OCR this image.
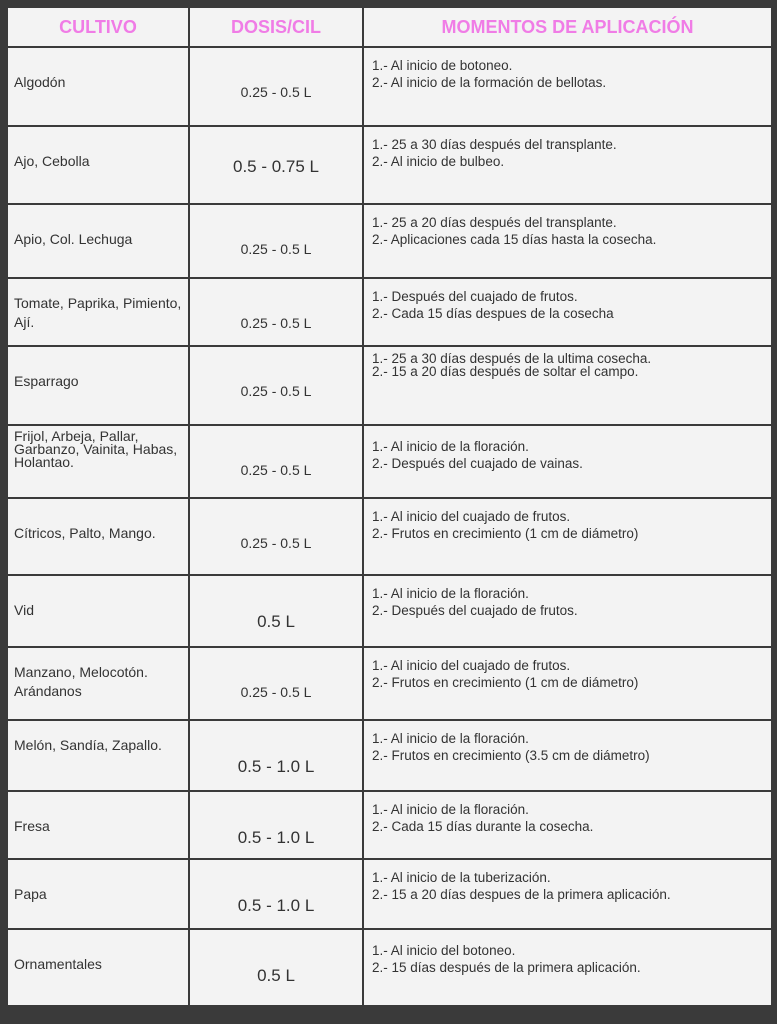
CULTIVO	DOSIS/CIL	MOMENTOS DE APLICACIÓN

Algodón	0.25 - 0.5 L	1.- Al inicio de botoneo.
2.- Al inicio de la formación de bellotas.

Ajo, Cebolla	0.5 - 0.75 L	1.- 25 a 30 días después del transplante.
2.- Al inicio de bulbeo.

Apio, Col. Lechuga	0.25 - 0.5 L	1.- 25 a 20 días después del transplante.
2.- Aplicaciones cada 15 días hasta la cosecha.

Tomate, Paprika, Pimiento, Ají.	0.25 - 0.5 L	1.- Después del cuajado de frutos.
2.- Cada 15 días despues de la cosecha

Esparrago	0.25 - 0.5 L	1.- 25 a 30 días después de la ultima cosecha.
2.- 15 a 20 días después de soltar el campo.

Frijol, Arbeja, Pallar, Garbanzo, Vainita, Habas, Holantao.	0.25 - 0.5 L	1.- Al inicio de la floración.
2.- Después del cuajado de vainas.

Cítricos, Palto, Mango.	0.25 - 0.5 L	1.- Al inicio del cuajado de frutos.
2.- Frutos en crecimiento (1 cm de diámetro)

Vid	0.5 L	1.- Al inicio de la floración.
2.- Después del cuajado de frutos.

Manzano, Melocotón. Arándanos	0.25 - 0.5 L	1.- Al inicio del cuajado de frutos.
2.- Frutos en crecimiento (1 cm de diámetro)

Melón, Sandía, Zapallo.	0.5 - 1.0 L	1.- Al inicio de la floración.
2.- Frutos en crecimiento (3.5 cm de diámetro)

Fresa	0.5 - 1.0 L	1.- Al inicio de la floración.
2.- Cada 15 días durante la cosecha.

Papa	0.5 - 1.0 L	1.- Al inicio de la tuberización.
2.- 15 a 20 días despues de la primera aplicación.

Ornamentales	0.5 L	1.- Al inicio del botoneo.
2.- 15 días después de la primera aplicación.
